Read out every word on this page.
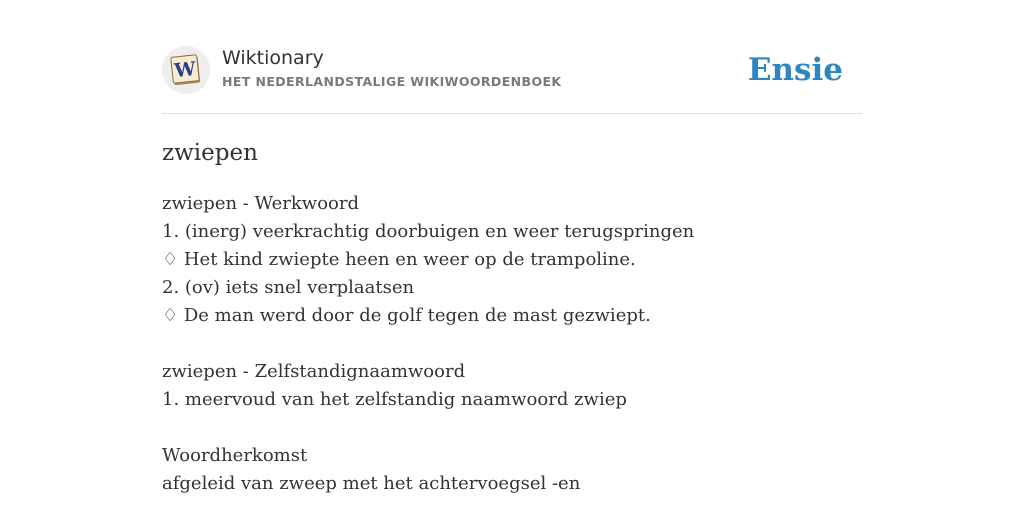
W Wiktionary
HET NEDERLANDSTALIGE WIKIWOORDENBOEK	Ensie
zwiepen
zwiepen - Werkwoord
1. (inerg) veerkrachtig doorbuigen en weer terugspringen
♢ Het kind zwiepte heen en weer op de trampoline.
2. (ov) iets snel verplaatsen
♢ De man werd door de golf tegen de mast gezwiept.
zwiepen - Zelfstandignaamwoord
1. meervoud van het zelfstandig naamwoord zwiep
Woordherkomst
afgeleid van zweep met het achtervoegsel -en
